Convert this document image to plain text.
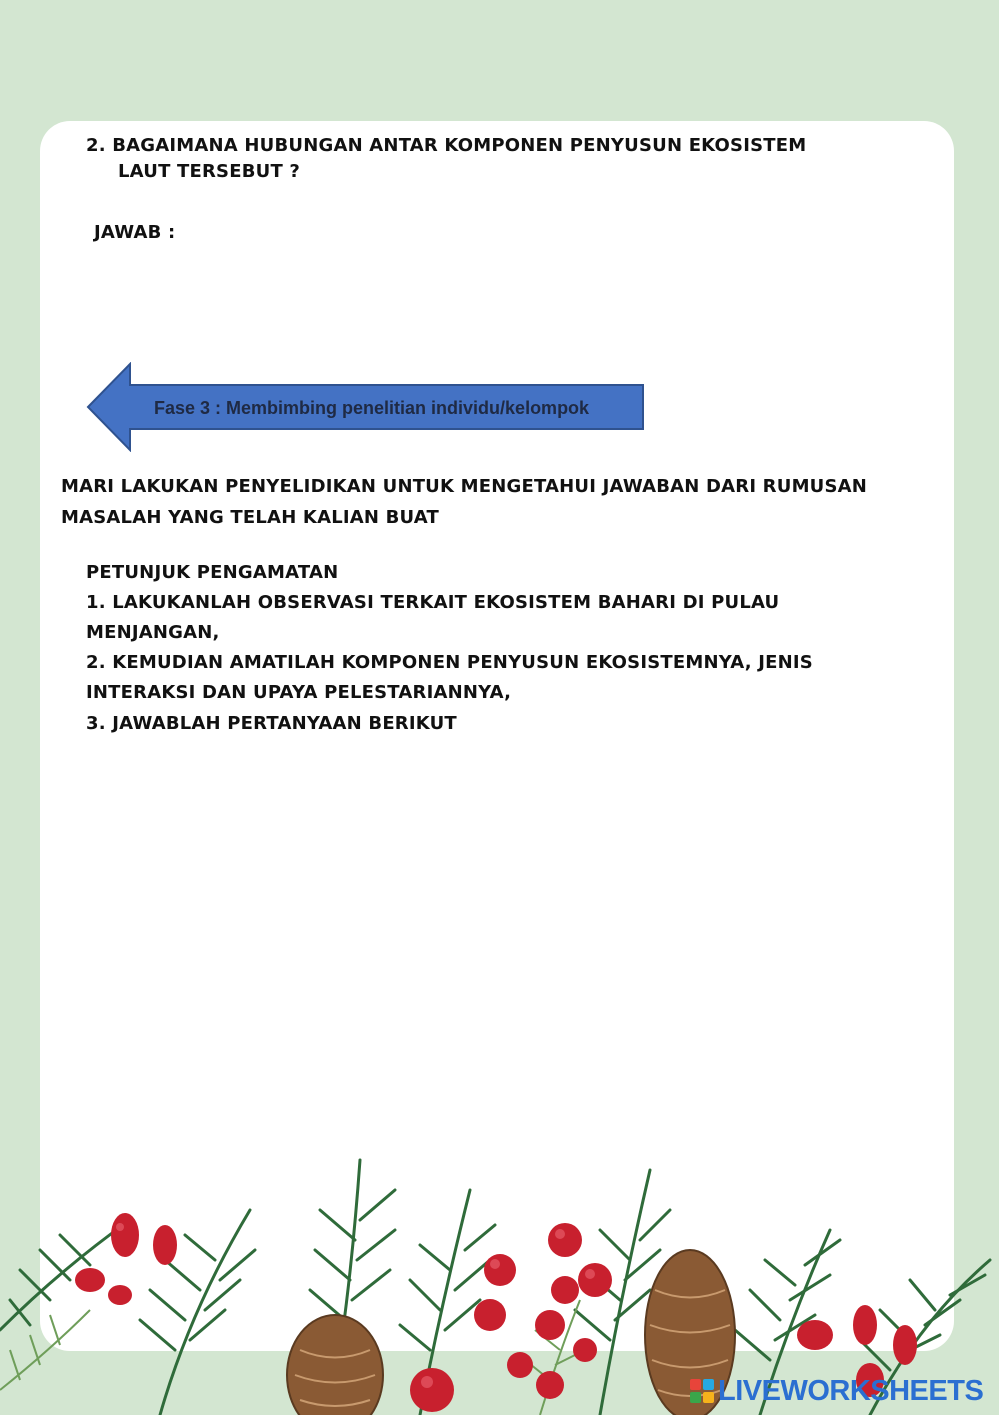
2. BAGAIMANA HUBUNGAN ANTAR KOMPONEN PENYUSUN EKOSISTEM
LAUT TERSEBUT ?
JAWAB :
Fase 3 : Membimbing penelitian individu/kelompok
MARI LAKUKAN PENYELIDIKAN UNTUK MENGETAHUI JAWABAN DARI RUMUSAN
MASALAH YANG TELAH KALIAN BUAT
PETUNJUK PENGAMATAN
1. LAKUKANLAH OBSERVASI TERKAIT EKOSISTEM BAHARI DI PULAU
MENJANGAN,
2. KEMUDIAN AMATILAH KOMPONEN PENYUSUN EKOSISTEMNYA, JENIS
INTERAKSI DAN UPAYA PELESTARIANNYA,
3. JAWABLAH PERTANYAAN BERIKUT
LIVEWORKSHEETS
